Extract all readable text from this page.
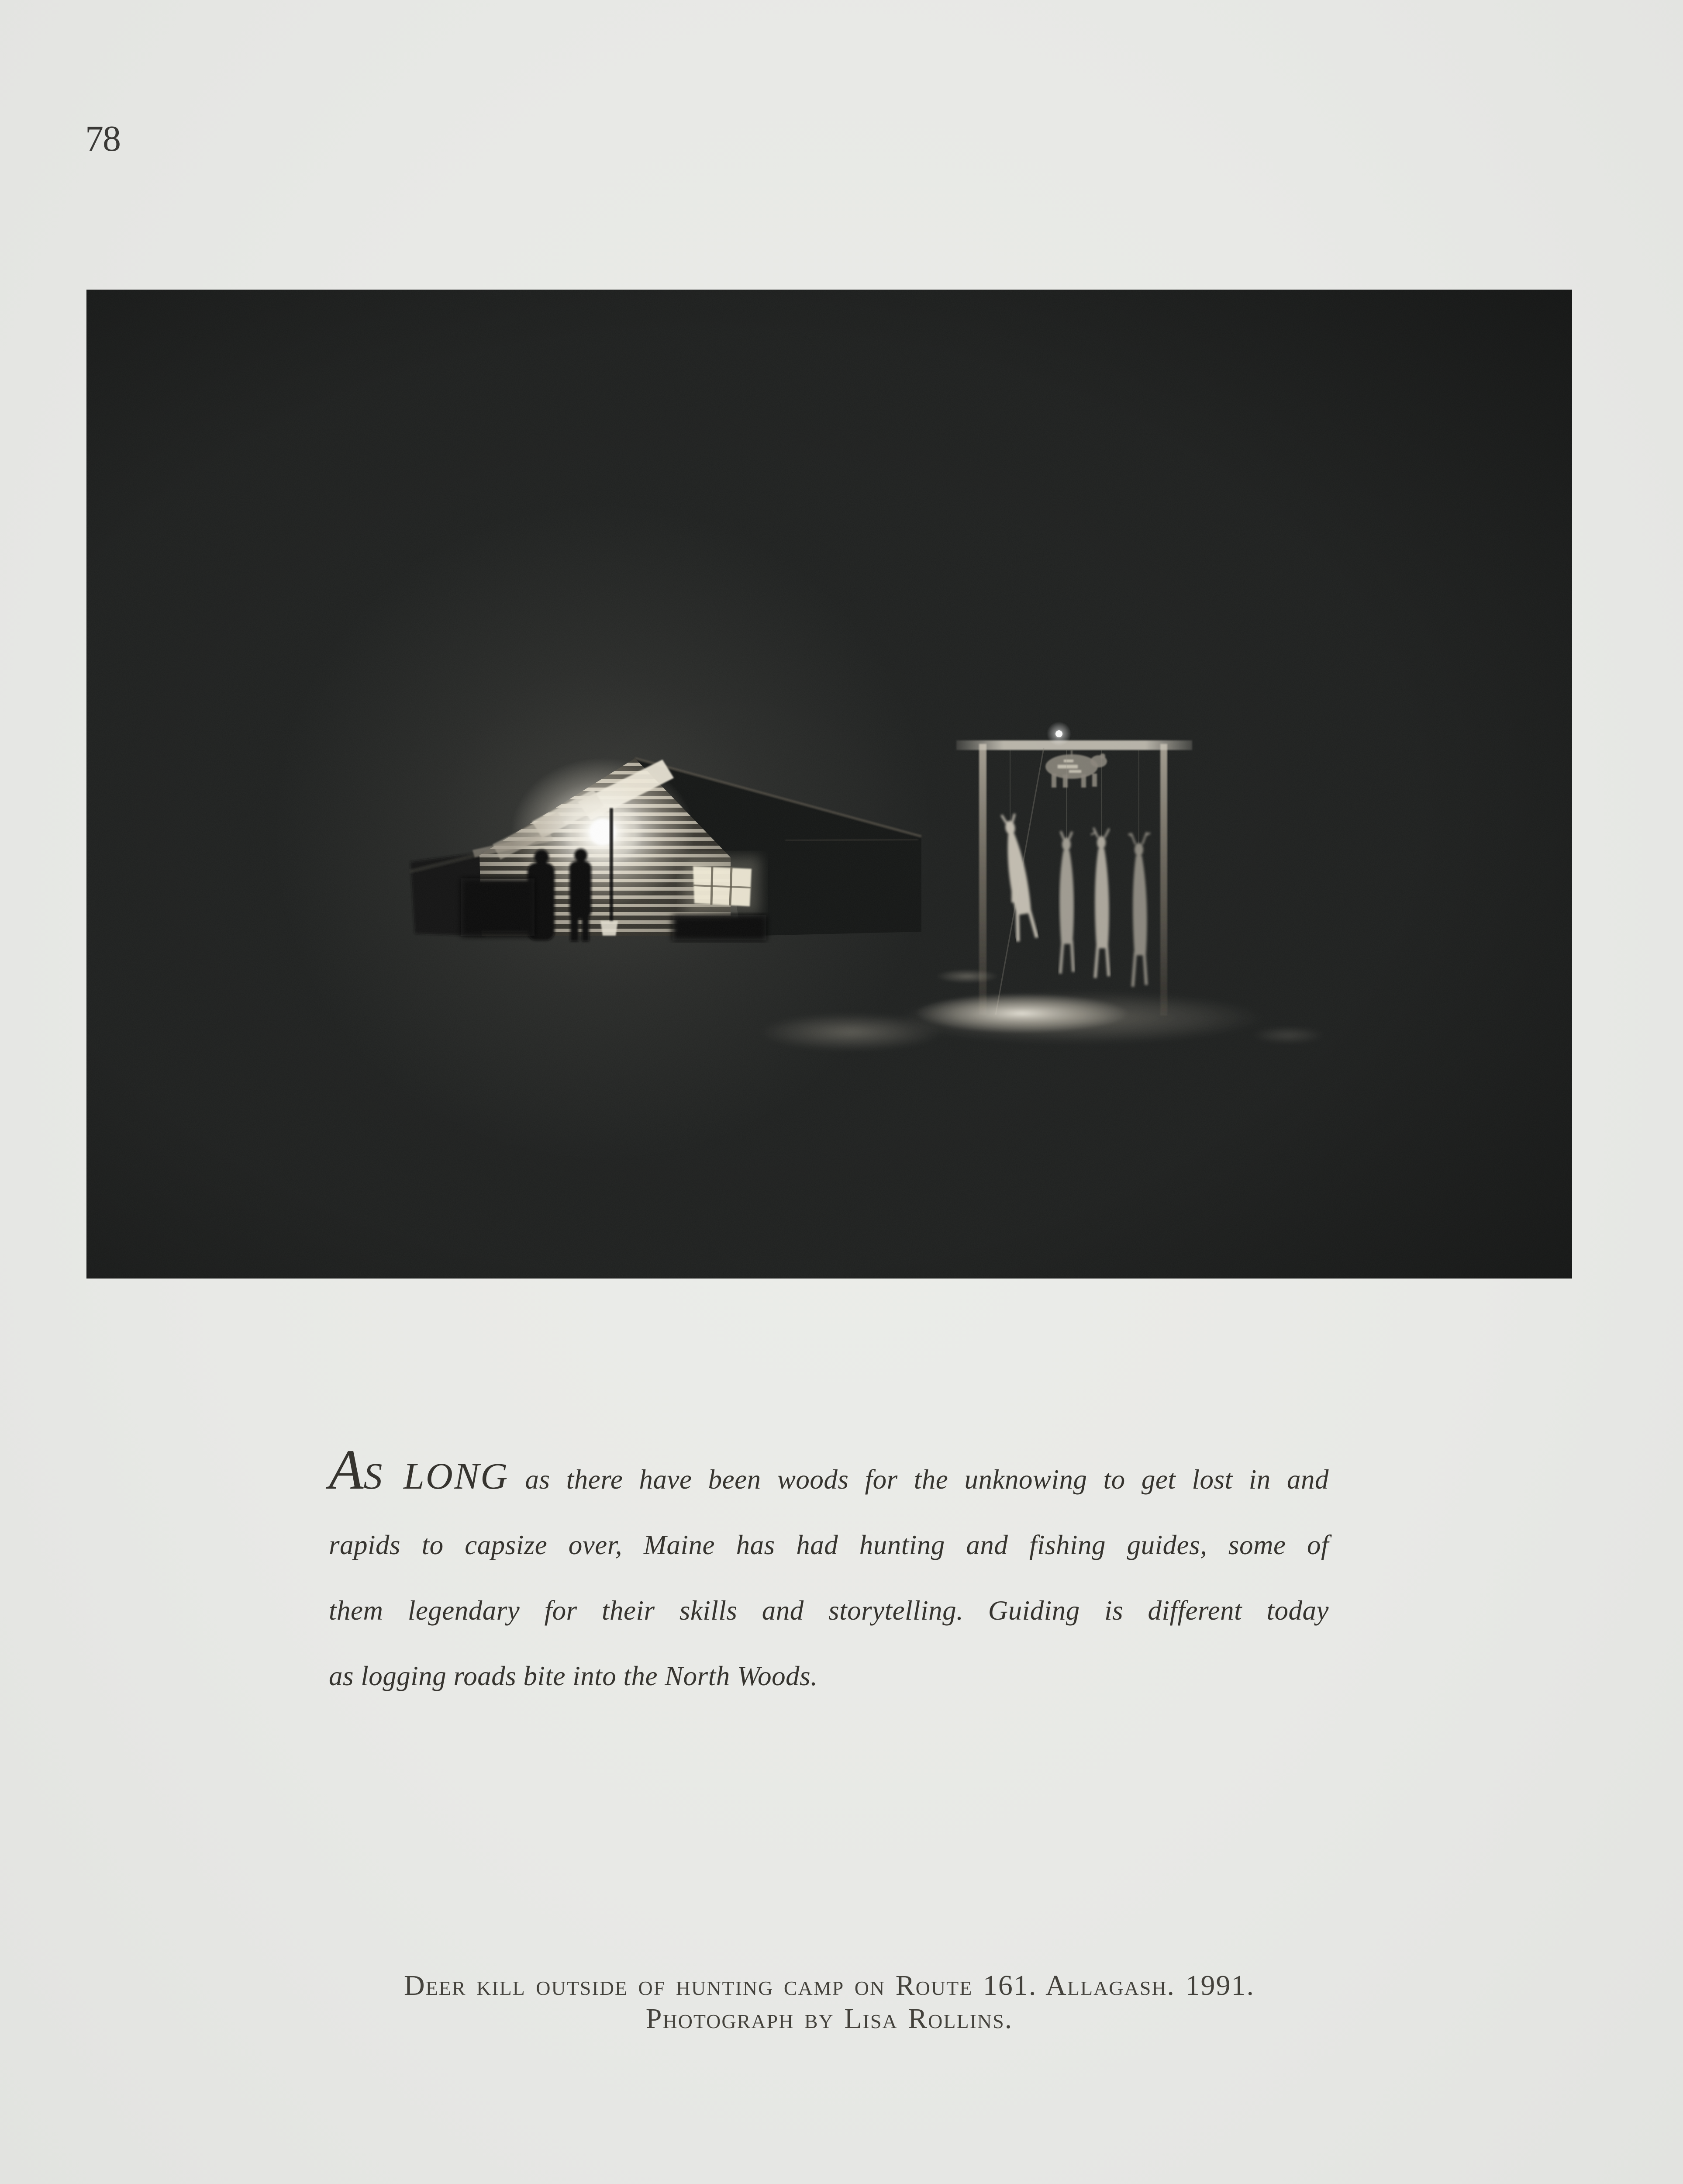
78
AS LONG as there have been woods for the unknowing to get lost in and
rapids to capsize over, Maine has had hunting and fishing guides, some of
them legendary for their skills and storytelling. Guiding is different today
as logging roads bite into the North Woods.
Deer kill outside of hunting camp on Route 161. Allagash. 1991.
Photograph by Lisa Rollins.
